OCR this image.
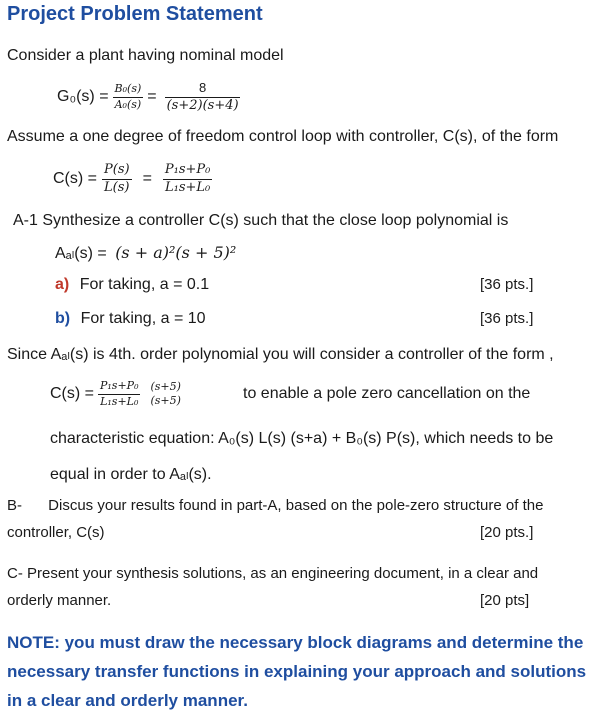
Project Problem Statement
Consider a plant having nominal model
$G_0(s) = \frac{\text{B₀(s)}}{\text{A₀(s)}} = \frac{8}{(s+2)(s+4)}$
Assume a one degree of freedom control loop with controller, C(s), of the form
$C(s) = \frac{P(s)}{L(s)} = \frac{\text{P₁s+P₀}}{\text{L₁s+L₀}}$
A-1 Synthesize a controller C(s) such that the close loop polynomial is
Aₐₗ(s) = (s + a)²(s + 5)²
a) For taking, a = 0.1	[36 pts.]
b) For taking, a = 10	[36 pts.]
Since Aₐₗ(s) is 4th. order polynomial you will consider a controller of the form ,
$C(s) = \frac{\text{P₁s+P₀}}{\text{L₁s+L₀}} (s+5)$
(s+5)	to enable a pole zero cancellation on the
characteristic equation: A₀(s) L(s) (s+a) + B₀(s) P(s), which needs to be
equal in order to Aₐₗ(s).
B- Discus your results found in part-A, based on the pole-zero structure of the
controller, C(s)	[20 pts.]
C- Present your synthesis solutions, as an engineering document, in a clear and
orderly manner.	[20 pts]
NOTE: you must draw the necessary block diagrams and determine the necessary transfer functions in explaining your approach and solutions in a clear and orderly manner.
